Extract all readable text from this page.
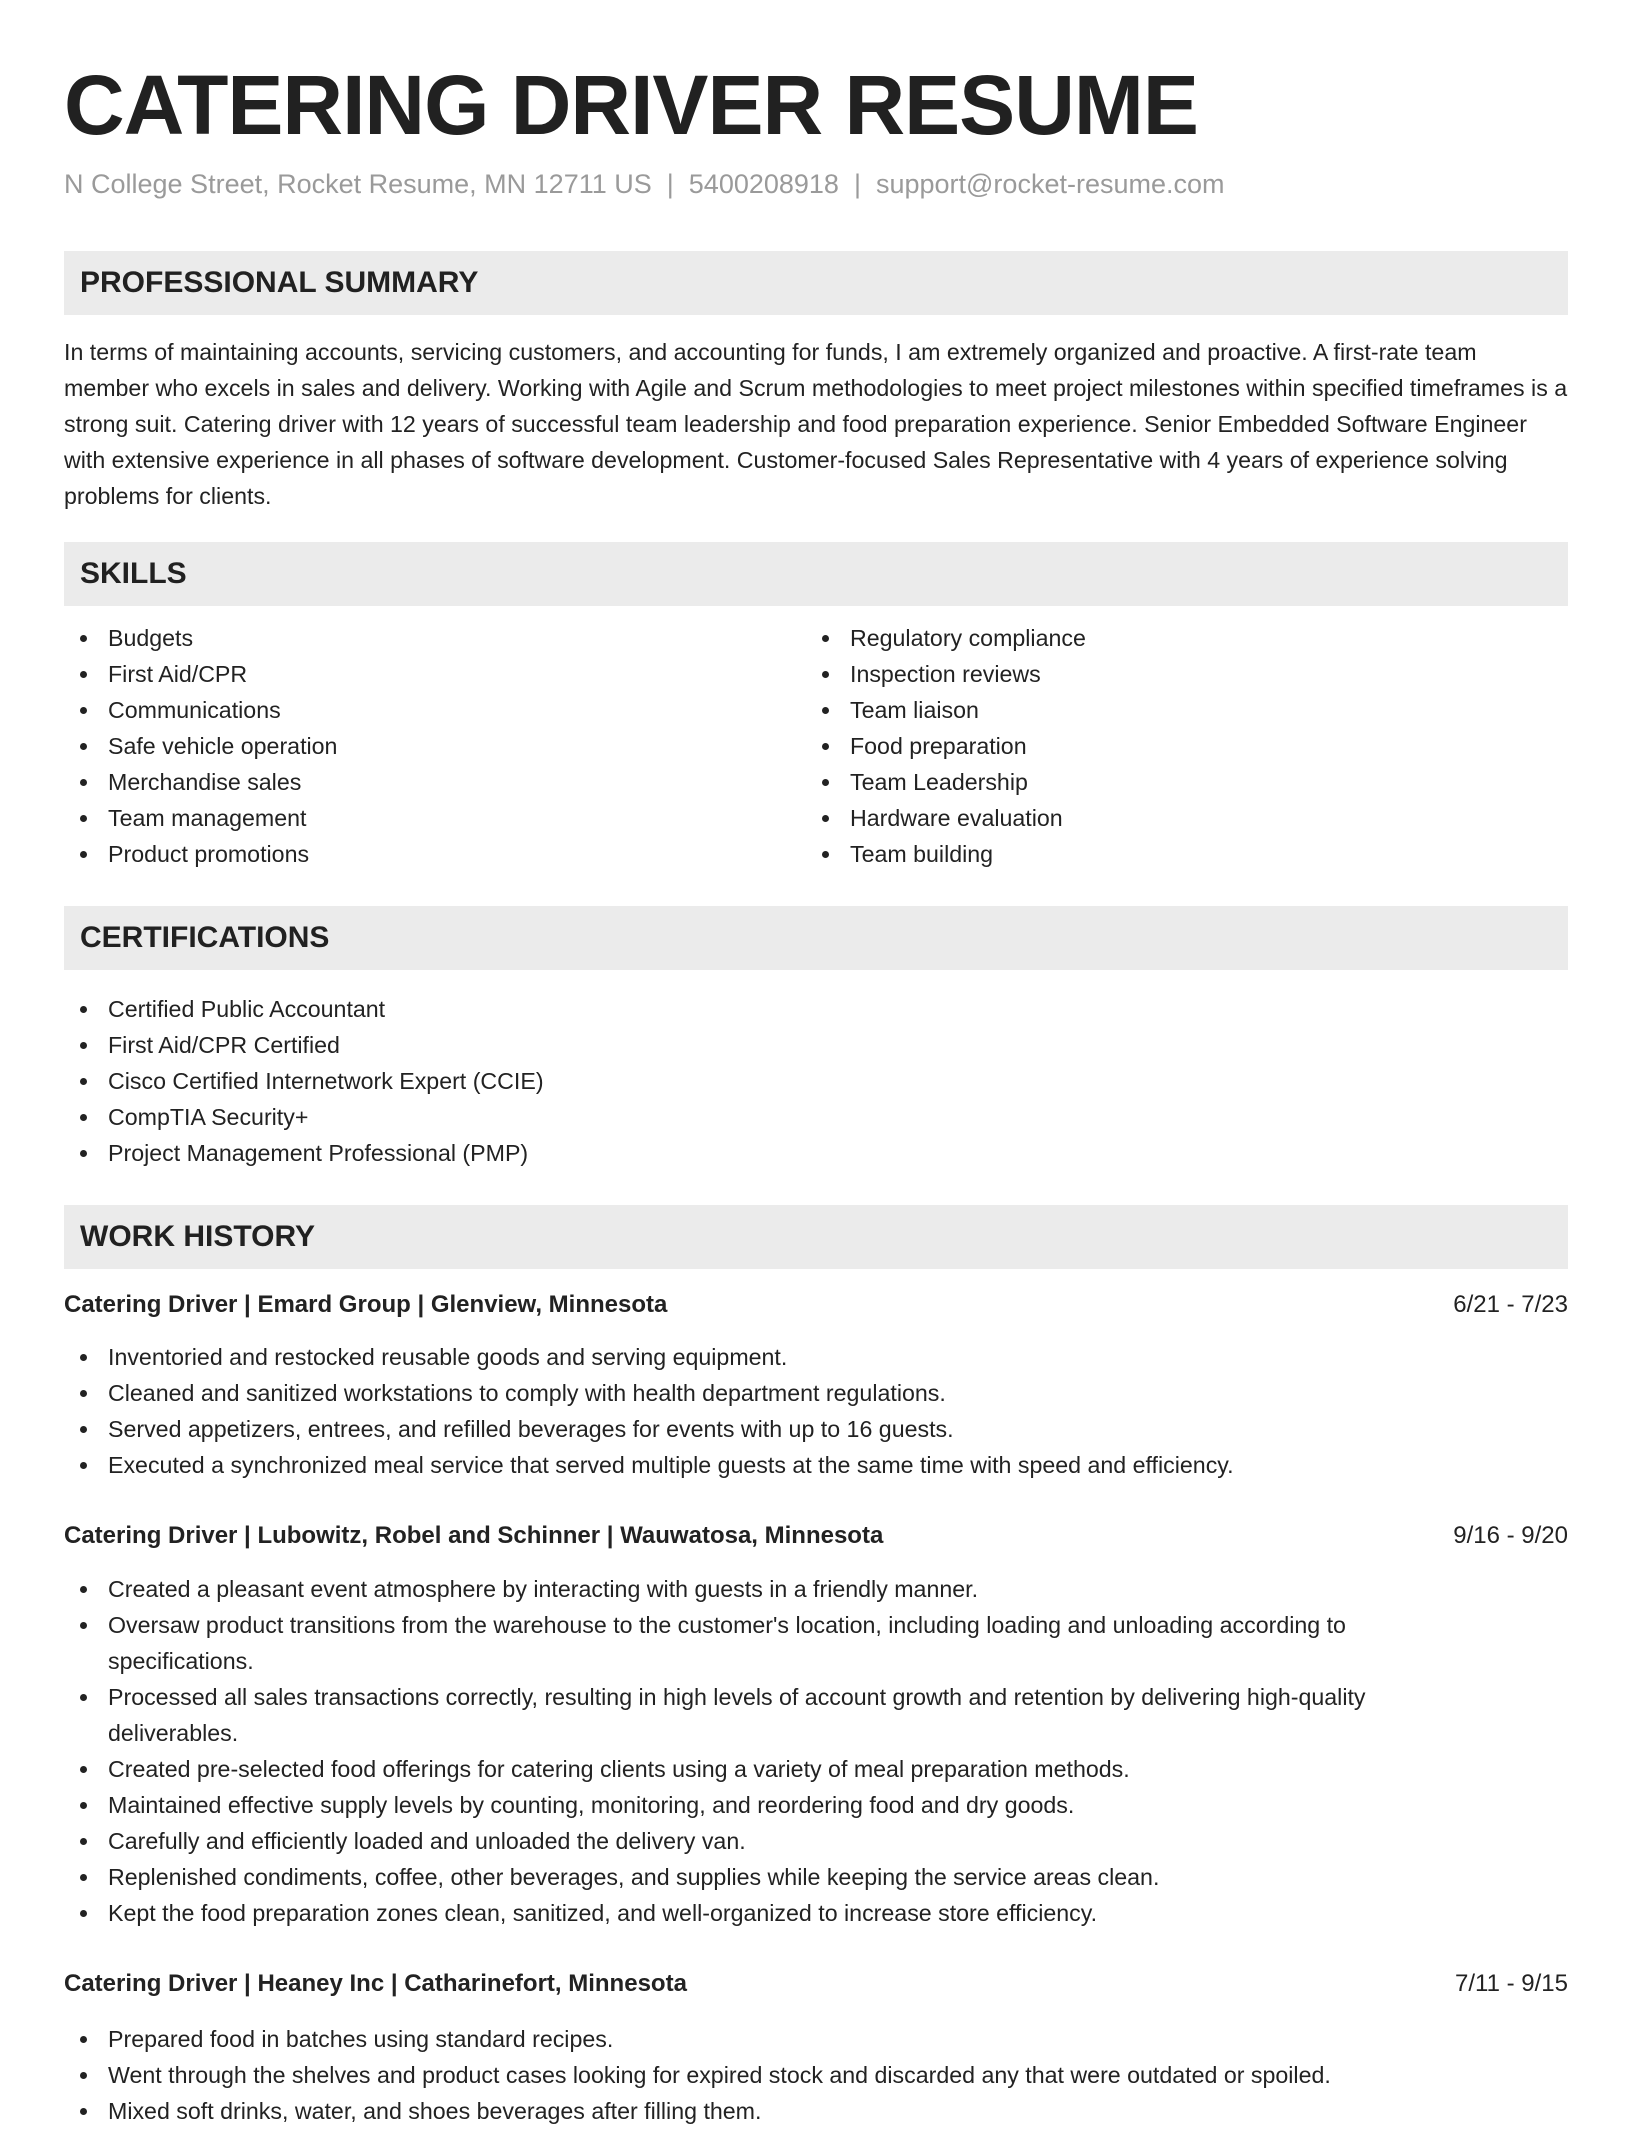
CATERING DRIVER RESUME
N College Street, Rocket Resume, MN 12711 US | 5400208918 | support@rocket-resume.com
PROFESSIONAL SUMMARY

In terms of maintaining accounts, servicing customers, and accounting for funds, I am extremely organized and proactive. A first-rate team member who excels in sales and delivery. Working with Agile and Scrum methodologies to meet project milestones within specified timeframes is a strong suit. Catering driver with 12 years of successful team leadership and food preparation experience. Senior Embedded Software Engineer with extensive experience in all phases of software development. Customer-focused Sales Representative with 4 years of experience solving problems for clients.

SKILLS
Budgets
First Aid/CPR
Communications
Safe vehicle operation
Merchandise sales
Team management
Product promotions
Regulatory compliance
Inspection reviews
Team liaison
Food preparation
Team Leadership
Hardware evaluation
Team building
CERTIFICATIONS
Certified Public Accountant
First Aid/CPR Certified
Cisco Certified Internetwork Expert (CCIE)
CompTIA Security+
Project Management Professional (PMP)
WORK HISTORY
Catering Driver | Emard Group | Glenview, Minnesota	6/21 - 7/23
Inventoried and restocked reusable goods and serving equipment.
Cleaned and sanitized workstations to comply with health department regulations.
Served appetizers, entrees, and refilled beverages for events with up to 16 guests.
Executed a synchronized meal service that served multiple guests at the same time with speed and efficiency.
Catering Driver | Lubowitz, Robel and Schinner | Wauwatosa, Minnesota	9/16 - 9/20
Created a pleasant event atmosphere by interacting with guests in a friendly manner.
Oversaw product transitions from the warehouse to the customer's location, including loading and unloading according to specifications.
Processed all sales transactions correctly, resulting in high levels of account growth and retention by delivering high-quality deliverables.
Created pre-selected food offerings for catering clients using a variety of meal preparation methods.
Maintained effective supply levels by counting, monitoring, and reordering food and dry goods.
Carefully and efficiently loaded and unloaded the delivery van.
Replenished condiments, coffee, other beverages, and supplies while keeping the service areas clean.
Kept the food preparation zones clean, sanitized, and well-organized to increase store efficiency.
Catering Driver | Heaney Inc | Catharinefort, Minnesota	7/11 - 9/15
Prepared food in batches using standard recipes.
Went through the shelves and product cases looking for expired stock and discarded any that were outdated or spoiled.
Mixed soft drinks, water, and shoes beverages after filling them.
